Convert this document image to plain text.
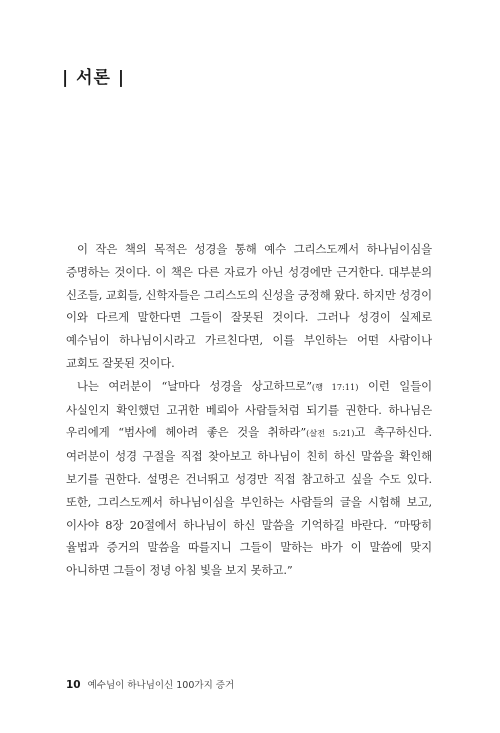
| 서론 |

이 작은 책의 목적은 성경을 통해 예수 그리스도께서 하나님이심을 증명하는 것이다. 이 책은 다른 자료가 아닌 성경에만 근거한다. 대부분의 신조들, 교회들, 신학자들은 그리스도의 신성을 긍정해 왔다. 하지만 성경이 이와 다르게 말한다면 그들이 잘못된 것이다. 그러나 성경이 실제로 예수님이 하나님이시라고 가르친다면, 이를 부인하는 어떤 사람이나 교회도 잘못된 것이다.

나는 여러분이 “날마다 성경을 상고하므로”(행 17:11) 이런 일들이 사실인지 확인했던 고귀한 베뢰아 사람들처럼 되기를 권한다. 하나님은 우리에게 “범사에 헤아려 좋은 것을 취하라”(살전 5:21)고 촉구하신다. 여러분이 성경 구절을 직접 찾아보고 하나님이 친히 하신 말씀을 확인해 보기를 권한다. 설명은 건너뛰고 성경만 직접 참고하고 싶을 수도 있다. 또한, 그리스도께서 하나님이심을 부인하는 사람들의 글을 시험해 보고, 이사야 8장 20절에서 하나님이 하신 말씀을 기억하길 바란다. “마땅히 율법과 증거의 말씀을 따를지니 그들이 말하는 바가 이 말씀에 맞지 아니하면 그들이 정녕 아침 빛을 보지 못하고.”

10 예수님이 하나님이신 100가지 증거
